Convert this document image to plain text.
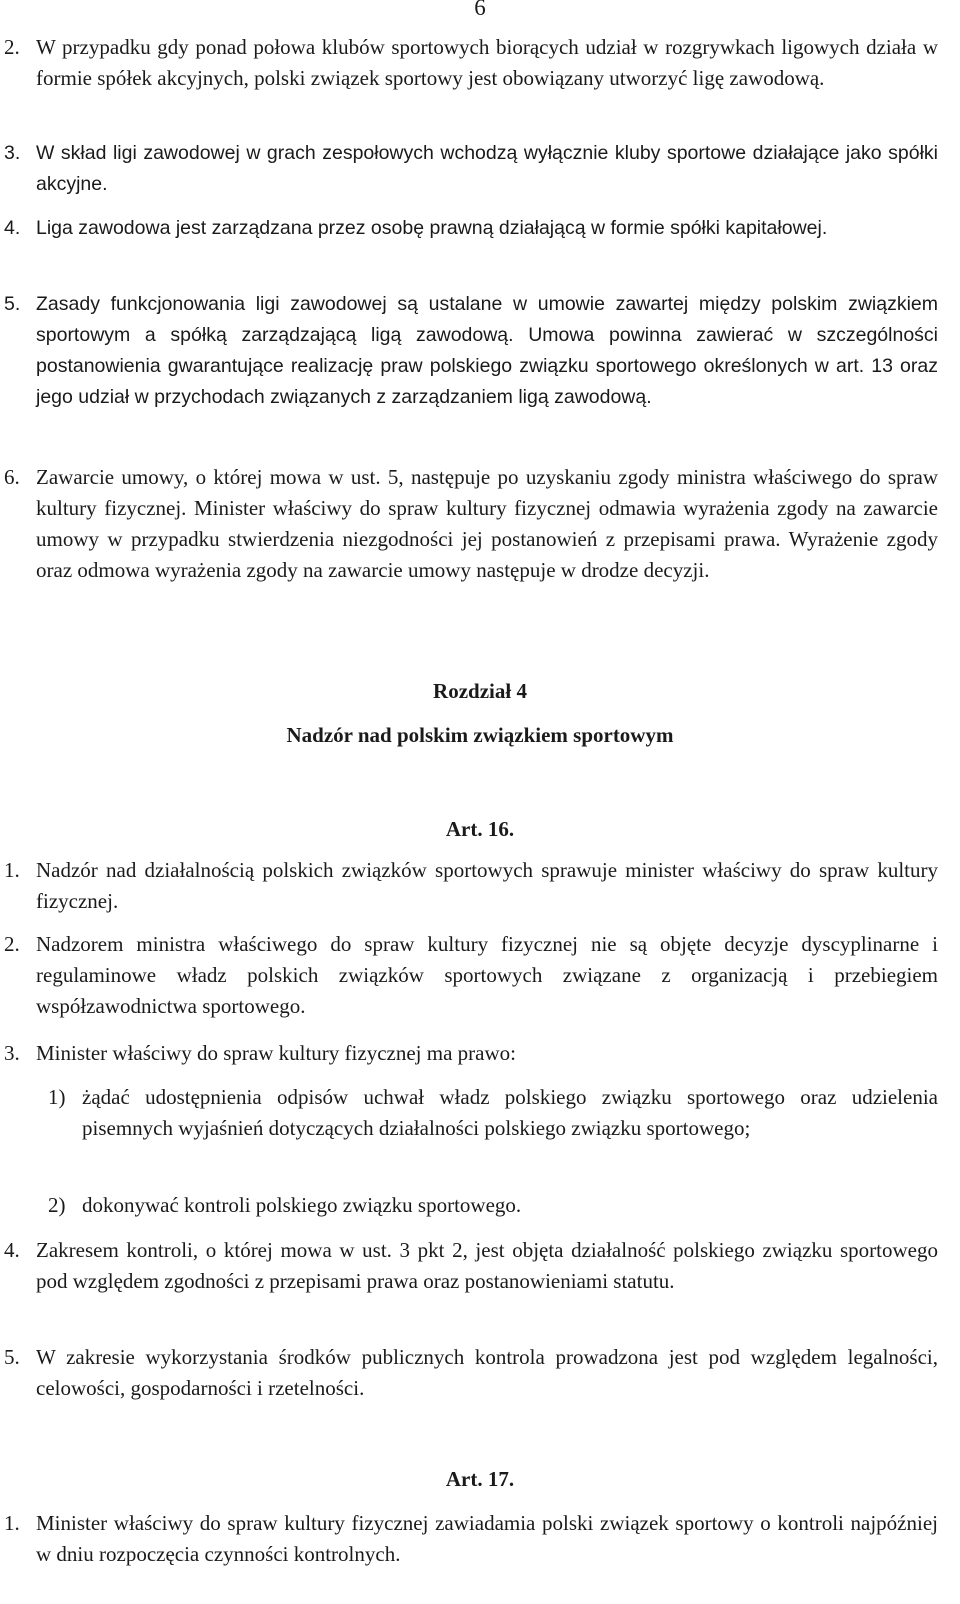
6
2. W przypadku gdy ponad połowa klubów sportowych biorących udział w rozgrywkach ligowych działa w formie spółek akcyjnych, polski związek sportowy jest obowiązany utworzyć ligę zawodową.
3. W skład ligi zawodowej w grach zespołowych wchodzą wyłącznie kluby sportowe działające jako spółki akcyjne.
4. Liga zawodowa jest zarządzana przez osobę prawną działającą w formie spółki kapitałowej.
5. Zasady funkcjonowania ligi zawodowej są ustalane w umowie zawartej między polskim związkiem sportowym a spółką zarządzającą ligą zawodową. Umowa powinna zawierać w szczególności postanowienia gwarantujące realizację praw polskiego związku sportowego określonych w art. 13 oraz jego udział w przychodach związanych z zarządzaniem ligą zawodową.
6. Zawarcie umowy, o której mowa w ust. 5, następuje po uzyskaniu zgody ministra właściwego do spraw kultury fizycznej. Minister właściwy do spraw kultury fizycznej odmawia wyrażenia zgody na zawarcie umowy w przypadku stwierdzenia niezgodności jej postanowień z przepisami prawa. Wyrażenie zgody oraz odmowa wyrażenia zgody na zawarcie umowy następuje w drodze decyzji.
Rozdział 4
Nadzór nad polskim związkiem sportowym
Art. 16.
1. Nadzór nad działalnością polskich związków sportowych sprawuje minister właściwy do spraw kultury fizycznej.
2. Nadzorem ministra właściwego do spraw kultury fizycznej nie są objęte decyzje dyscyplinarne i regulaminowe władz polskich związków sportowych związane z organizacją i przebiegiem współzawodnictwa sportowego.
3. Minister właściwy do spraw kultury fizycznej ma prawo:
1) żądać udostępnienia odpisów uchwał władz polskiego związku sportowego oraz udzielenia pisemnych wyjaśnień dotyczących działalności polskiego związku sportowego;
2) dokonywać kontroli polskiego związku sportowego.
4. Zakresem kontroli, o której mowa w ust. 3 pkt 2, jest objęta działalność polskiego związku sportowego pod względem zgodności z przepisami prawa oraz postanowieniami statutu.
5. W zakresie wykorzystania środków publicznych kontrola prowadzona jest pod względem legalności, celowości, gospodarności i rzetelności.
Art. 17.
1. Minister właściwy do spraw kultury fizycznej zawiadamia polski związek sportowy o kontroli najpóźniej w dniu rozpoczęcia czynności kontrolnych.
